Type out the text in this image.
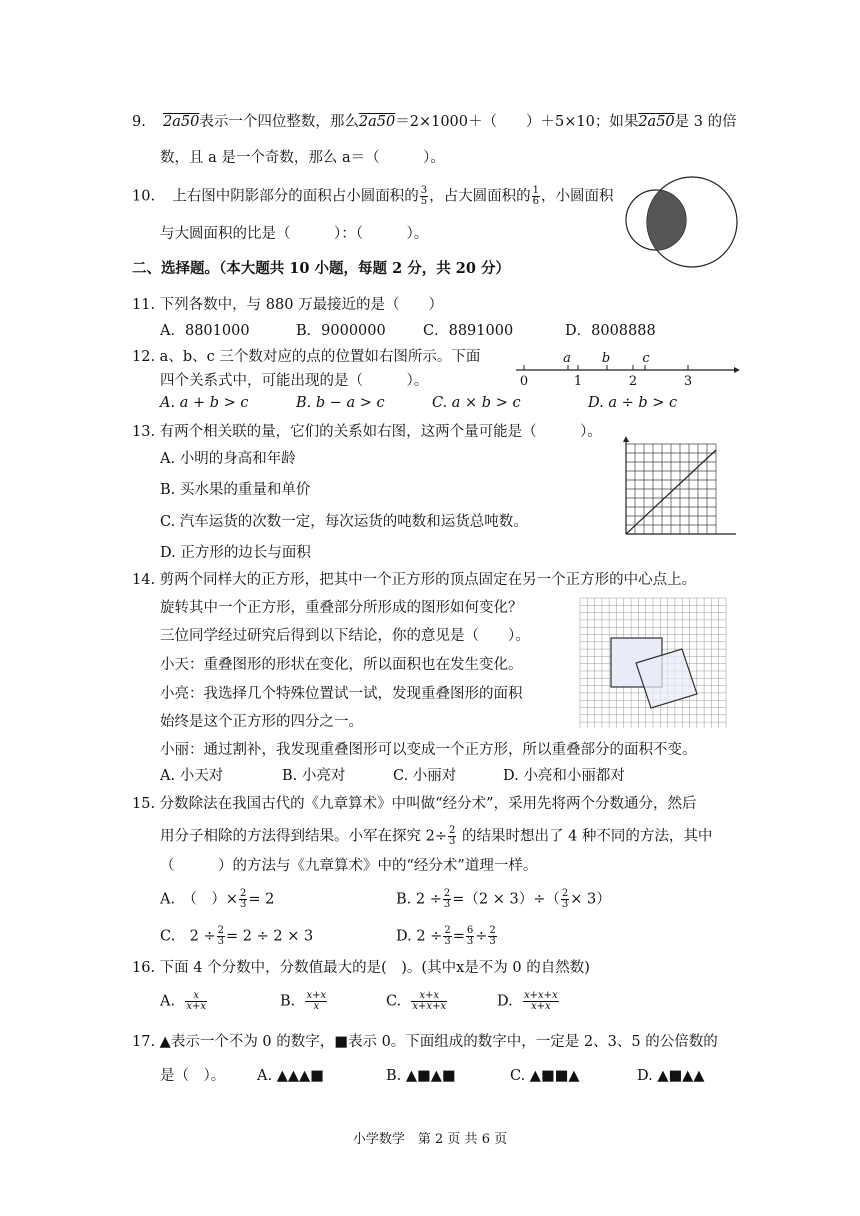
9. 2a50表示一个四位整数，那么2a50＝2×1000＋（　　）＋5×10；如果2a50是 3 的倍
数，且 a 是一个奇数，那么 a＝（　　　）。
10. 上右图中阴影部分的面积占小圆面积的 $\frac{3}{5}$ ，占大圆面积的 $\frac{1}{6}$ ，小圆面积
与大圆面积的比是（　　　）：（　　　）。
二、选择题。（本大题共 10 小题，每题 2 分，共 20 分）
11. 下列各数中，与 880 万最接近的是（　　）
A．8801000	B．9000000	C．8891000	D．8008888
12. a、b、c 三个数对应的点的位置如右图所示。下面
四个关系式中，可能出现的是（　　　）。
A. a + b > c	B. b − a > c	C. a × b > c	D. a ÷ b > c
a b c
0	1	2	3
13. 有两个相关联的量，它们的关系如右图，这两个量可能是（　　　）。
A. 小明的身高和年龄
B. 买水果的重量和单价
C. 汽车运货的次数一定，每次运货的吨数和运货总吨数。
D. 正方形的边长与面积
14. 剪两个同样大的正方形，把其中一个正方形的顶点固定在另一个正方形的中心点上。
旋转其中一个正方形，重叠部分所形成的图形如何变化？
三位同学经过研究后得到以下结论，你的意见是（　　）。
小天：重叠图形的形状在变化，所以面积也在发生变化。
小亮：我选择几个特殊位置试一试，发现重叠图形的面积
始终是这个正方形的四分之一。
小丽：通过割补，我发现重叠图形可以变成一个正方形，所以重叠部分的面积不变。
A. 小天对	B. 小亮对	C. 小丽对	D. 小亮和小丽都对
15. 分数除法在我国古代的《九章算术》中叫做“经分术”，采用先将两个分数通分，然后
用分子相除的方法得到结果。小军在探究 $2\div \frac{2}{3}$ 的结果时想出了 4 种不同的方法，其中
（　　　）的方法与《九章算术》中的“经分术”道理一样。
A.　（　）× $\frac{2}{3} = 2$	B. $2 \div \frac{2}{3} =(2 \times 3)\div( \frac{2}{3} \times 3)$
C.　$2 \div \frac{2}{3} = 2 \div 2 \times 3$	D. $2 \div \frac{2}{3} = \frac{6}{3} \div \frac{2}{3}$
16. 下面 4 个分数中，分数值最大的是(　)。(其中x是不为 0 的自然数)
A. $\frac{x}{x+x}$	B. $\frac{x+x}{x}$	C. $\frac{x+x}{x+x+x}$	D. $\frac{x+x+x}{x+x}$
17. ▲表示一个不为 0 的数字，■表示 0。下面组成的数字中，一定是 2、3、5 的公倍数的
是（　）。 A. ▲▲▲■	B. ▲■▲■	C. ▲■■▲	D. ▲■▲▲
小学数学　第 2 页 共 6 页
